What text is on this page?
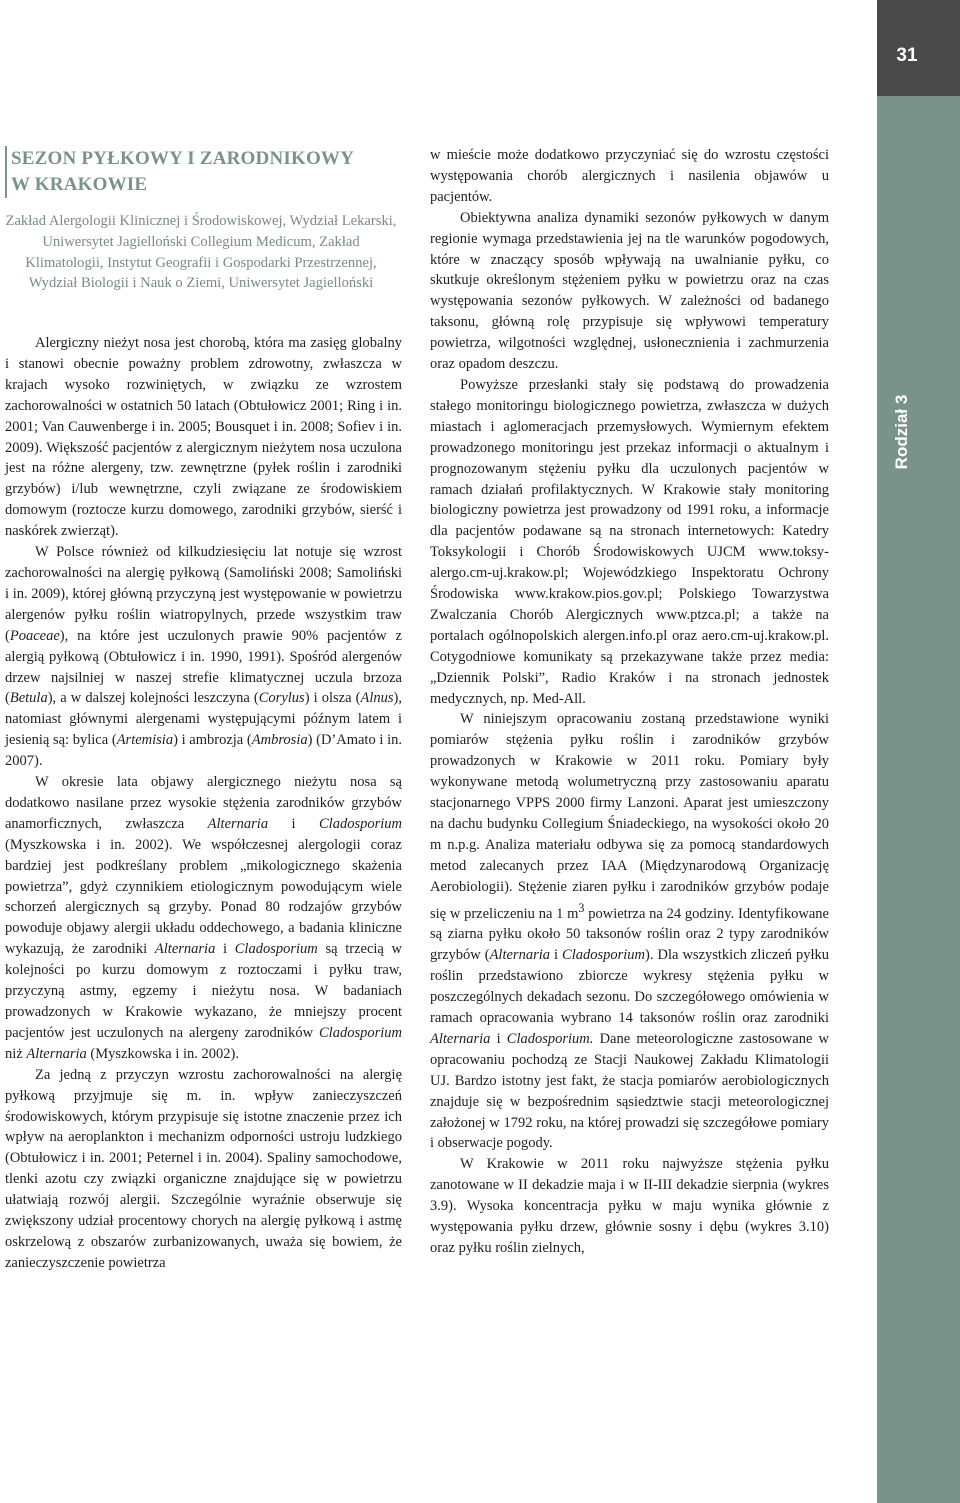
31
Rodział 3
SEZON PYŁKOWY I ZARODNIKOWY
W KRAKOWIE
Zakład Alergologii Klinicznej i Środowiskowej, Wydział Lekarski, Uniwersytet Jagielloński Collegium Medicum, Zakład Klimatologii, Instytut Geografii i Gospodarki Przestrzennej, Wydział Biologii i Nauk o Ziemi, Uniwersytet Jagielloński

Alergiczny nieżyt nosa jest chorobą, która ma zasięg globalny i stanowi obecnie poważny problem zdrowotny, zwłaszcza w krajach wysoko rozwiniętych, w związku ze wzrostem zachorowalności w ostatnich 50 latach (Obtułowicz 2001; Ring i in. 2001; Van Cauwenberge i in. 2005; Bousquet i in. 2008; Sofiev i in. 2009). Większość pacjentów z alergicznym nieżytem nosa uczulona jest na różne alergeny, tzw. zewnętrzne (pyłek roślin i zarodniki grzybów) i/lub wewnętrzne, czyli związane ze środowiskiem domowym (roztocze kurzu domowego, zarodniki grzybów, sierść i naskórek zwierząt).

W Polsce również od kilkudziesięciu lat notuje się wzrost zachorowalności na alergię pyłkową (Samoliński 2008; Samoliński i in. 2009), której główną przyczyną jest występowanie w powietrzu alergenów pyłku roślin wiatropylnych, przede wszystkim traw (Poaceae), na które jest uczulonych prawie 90% pacjentów z alergią pyłkową (Obtułowicz i in. 1990, 1991). Spośród alergenów drzew najsilniej w naszej strefie klimatycznej uczula brzoza (Betula), a w dalszej kolejności leszczyna (Corylus) i olsza (Alnus), natomiast głównymi alergenami występującymi późnym latem i jesienią są: bylica (Artemisia) i ambrozja (Ambrosia) (D’Amato i in. 2007).

W okresie lata objawy alergicznego nieżytu nosa są dodatkowo nasilane przez wysokie stężenia zarodników grzybów anamorficznych, zwłaszcza Alternaria i Cladosporium (Myszkowska i in. 2002). We współczesnej alergologii coraz bardziej jest podkreślany problem „mikologicznego skażenia powietrza”, gdyż czynnikiem etiologicznym powodującym wiele schorzeń alergicznych są grzyby. Ponad 80 rodzajów grzybów powoduje objawy alergii układu oddechowego, a badania kliniczne wykazują, że zarodniki Alternaria i Cladosporium są trzecią w kolejności po kurzu domowym z roztoczami i pyłku traw, przyczyną astmy, egzemy i nieżytu nosa. W badaniach prowadzonych w Krakowie wykazano, że mniejszy procent pacjentów jest uczulonych na alergeny zarodników Cladosporium niż Alternaria (Myszkowska i in. 2002).

Za jedną z przyczyn wzrostu zachorowalności na alergię pyłkową przyjmuje się m. in. wpływ zanieczyszczeń środowiskowych, którym przypisuje się istotne znaczenie przez ich wpływ na aeroplankton i mechanizm odporności ustroju ludzkiego (Obtułowicz i in. 2001; Peternel i in. 2004). Spaliny samochodowe, tlenki azotu czy związki organiczne znajdujące się w powietrzu ułatwiają rozwój alergii. Szczególnie wyraźnie obserwuje się zwiększony udział procentowy chorych na alergię pyłkową i astmę oskrzelową z obszarów zurbanizowanych, uważa się bowiem, że zanieczyszczenie powietrza

w mieście może dodatkowo przyczyniać się do wzrostu częstości występowania chorób alergicznych i nasilenia objawów u pacjentów.

Obiektywna analiza dynamiki sezonów pyłkowych w danym regionie wymaga przedstawienia jej na tle warunków pogodowych, które w znaczący sposób wpływają na uwalnianie pyłku, co skutkuje określonym stężeniem pyłku w powietrzu oraz na czas występowania sezonów pyłkowych. W zależności od badanego taksonu, główną rolę przypisuje się wpływowi temperatury powietrza, wilgotności względnej, usłonecznienia i zachmurzenia oraz opadom deszczu.

Powyższe przesłanki stały się podstawą do prowadzenia stałego monitoringu biologicznego powietrza, zwłaszcza w dużych miastach i aglomeracjach przemysłowych. Wymiernym efektem prowadzonego monitoringu jest przekaz informacji o aktualnym i prognozowanym stężeniu pyłku dla uczulonych pacjentów w ramach działań profilaktycznych. W Krakowie stały monitoring biologiczny powietrza jest prowadzony od 1991 roku, a informacje dla pacjentów podawane są na stronach internetowych: Katedry Toksykologii i Chorób Środowiskowych UJCM www.toksy-alergo.cm-uj.krakow.pl; Wojewódzkiego Inspektoratu Ochrony Środowiska www.krakow.pios.gov.pl; Polskiego Towarzystwa Zwalczania Chorób Alergicznych www.ptzca.pl; a także na portalach ogólnopolskich alergen.info.pl oraz aero.cm-uj.krakow.pl. Cotygodniowe komunikaty są przekazywane także przez media: „Dziennik Polski”, Radio Kraków i na stronach jednostek medycznych, np. Med-All.

W niniejszym opracowaniu zostaną przedstawione wyniki pomiarów stężenia pyłku roślin i zarodników grzybów prowadzonych w Krakowie w 2011 roku. Pomiary były wykonywane metodą wolumetryczną przy zastosowaniu aparatu stacjonarnego VPPS 2000 firmy Lanzoni. Aparat jest umieszczony na dachu budynku Collegium Śniadeckiego, na wysokości około 20 m n.p.g. Analiza materiału odbywa się za pomocą standardowych metod zalecanych przez IAA (Międzynarodową Organizację Aerobiologii). Stężenie ziaren pyłku i zarodników grzybów podaje się w przeliczeniu na 1 $m^3$ powietrza na 24 godziny. Identyfikowane są ziarna pyłku około 50 taksonów roślin oraz 2 typy zarodników grzybów (Alternaria i Cladosporium). Dla wszystkich zliczeń pyłku roślin przedstawiono zbiorcze wykresy stężenia pyłku w poszczególnych dekadach sezonu. Do szczegółowego omówienia w ramach opracowania wybrano 14 taksonów roślin oraz zarodniki Alternaria i Cladosporium. Dane meteorologiczne zastosowane w opracowaniu pochodzą ze Stacji Naukowej Zakładu Klimatologii UJ. Bardzo istotny jest fakt, że stacja pomiarów aerobiologicznych znajduje się w bezpośrednim sąsiedztwie stacji meteorologicznej założonej w 1792 roku, na której prowadzi się szczegółowe pomiary i obserwacje pogody.

W Krakowie w 2011 roku najwyższe stężenia pyłku zanotowane w II dekadzie maja i w II-III dekadzie sierpnia (wykres 3.9). Wysoka koncentracja pyłku w maju wynika głównie z występowania pyłku drzew, głównie sosny i dębu (wykres 3.10) oraz pyłku roślin zielnych,
